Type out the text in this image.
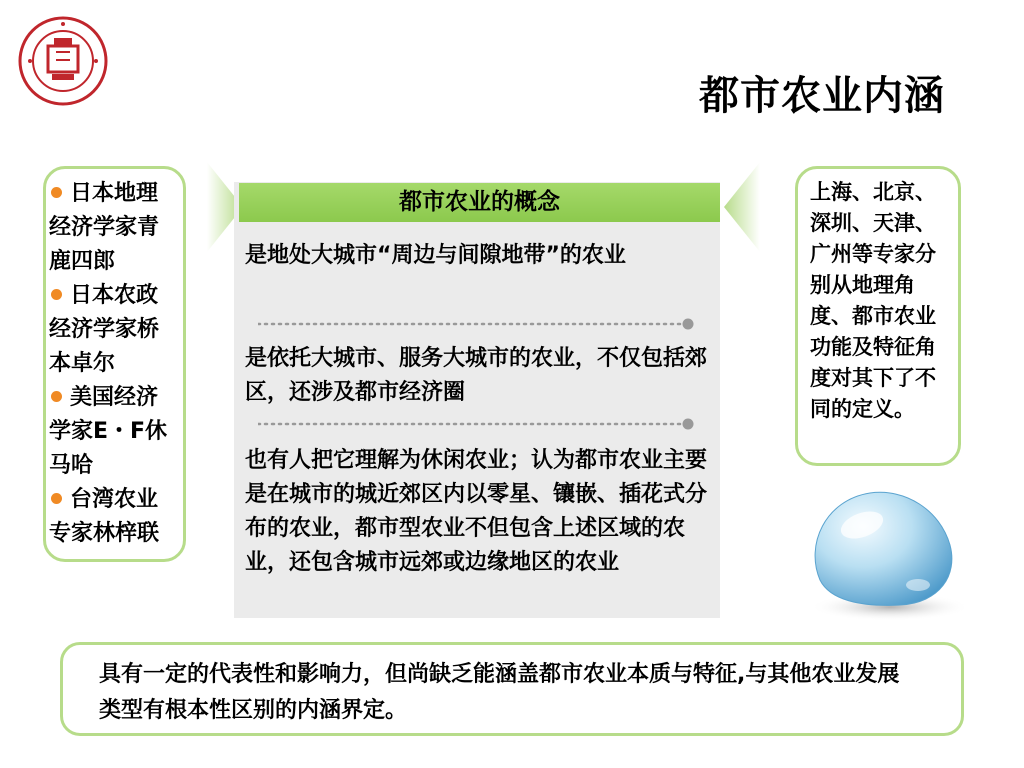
都市农业内涵
日本地理经济学家青鹿四郎
日本农政经济学家桥本卓尔
美国经济学家E・F休马哈
台湾农业专家林梓联
都市农业的概念
是地处大城市“周边与间隙地带”的农业
是依托大城市、服务大城市的农业，不仅包括郊区，还涉及都市经济圈
也有人把它理解为休闲农业；认为都市农业主要是在城市的城近郊区内以零星、镶嵌、插花式分布的农业，都市型农业不但包含上述区域的农业，还包含城市远郊或边缘地区的农业
上海、北京、深圳、天津、广州等专家分别从地理角度、都市农业功能及特征角度对其下了不同的定义。
具有一定的代表性和影响力，但尚缺乏能涵盖都市农业本质与特征,与其他农业发展类型有根本性区别的内涵界定。
